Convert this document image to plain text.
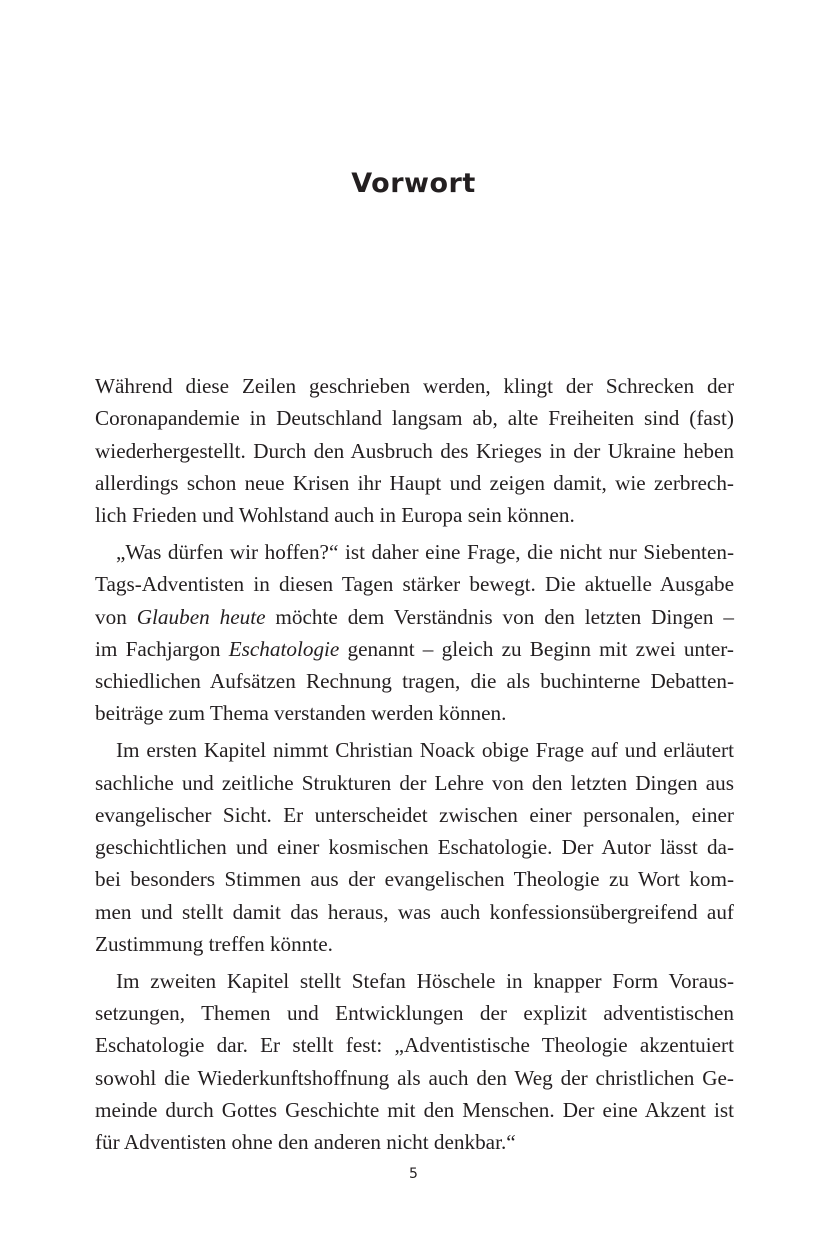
Vorwort

Während diese Zeilen geschrieben werden, klingt der Schrecken der
Coronapandemie in Deutschland langsam ab, alte Freiheiten sind (fast)
wiederhergestellt. Durch den Ausbruch des Krieges in der Ukraine heben
allerdings schon neue Krisen ihr Haupt und zeigen damit, wie zerbrech-
lich Frieden und Wohlstand auch in Europa sein können.

„Was dürfen wir hoffen?“ ist daher eine Frage, die nicht nur Siebenten-
Tags-Adventisten in diesen Tagen stärker bewegt. Die aktuelle Ausgabe
von Glauben heute möchte dem Verständnis von den letzten Dingen –
im Fachjargon Eschatologie genannt – gleich zu Beginn mit zwei unter-
schiedlichen Aufsätzen Rechnung tragen, die als buchinterne Debatten-
beiträge zum Thema verstanden werden können.

Im ersten Kapitel nimmt Christian Noack obige Frage auf und erläutert
sachliche und zeitliche Strukturen der Lehre von den letzten Dingen aus
evangelischer Sicht. Er unterscheidet zwischen einer personalen, einer
geschichtlichen und einer kosmischen Eschatologie. Der Autor lässt da-
bei besonders Stimmen aus der evangelischen Theologie zu Wort kom-
men und stellt damit das heraus, was auch konfessionsübergreifend auf
Zustimmung treffen könnte.

Im zweiten Kapitel stellt Stefan Höschele in knapper Form Voraus-
setzungen, Themen und Entwicklungen der explizit adventistischen
Eschatologie dar. Er stellt fest: „Adventistische Theologie akzentuiert
sowohl die Wiederkunftshoffnung als auch den Weg der christlichen Ge-
meinde durch Gottes Geschichte mit den Menschen. Der eine Akzent ist
für Adventisten ohne den anderen nicht denkbar.“

5
